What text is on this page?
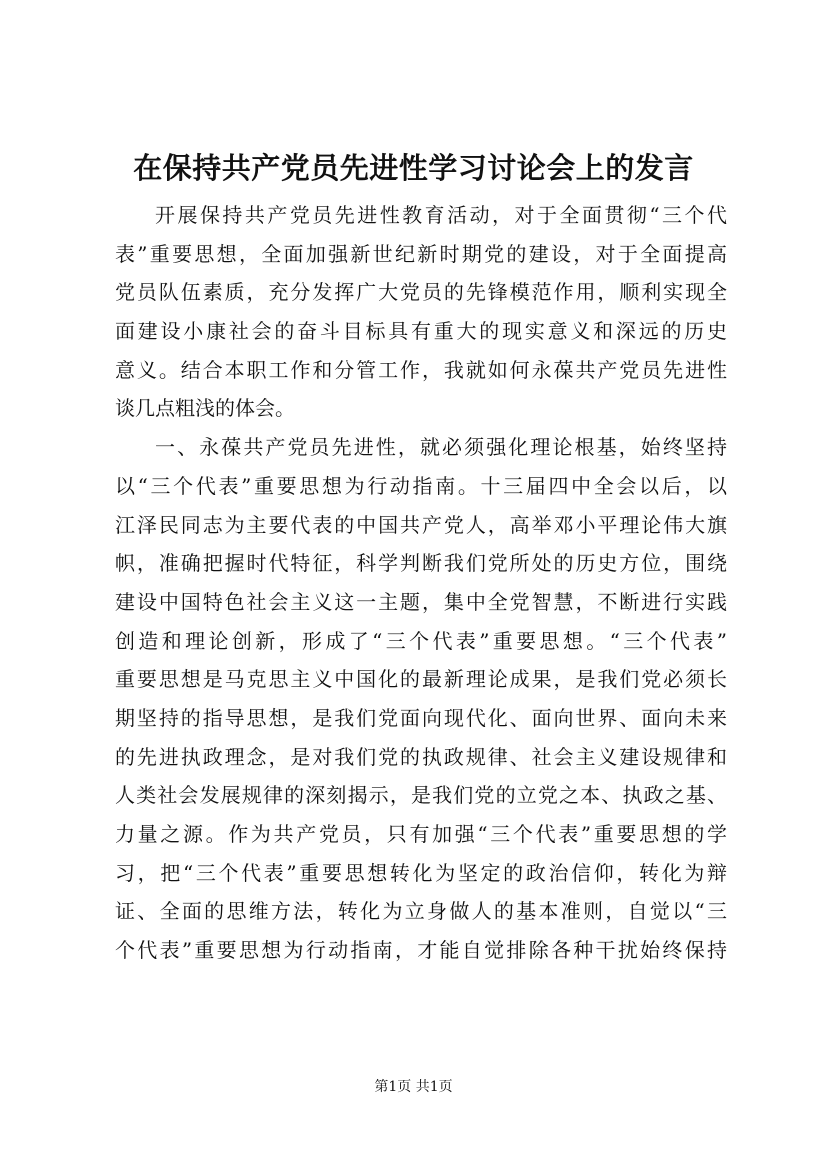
在保持共产党员先进性学习讨论会上的发言
开展保持共产党员先进性教育活动，对于全面贯彻“三个代
表”重要思想，全面加强新世纪新时期党的建设，对于全面提高
党员队伍素质，充分发挥广大党员的先锋模范作用，顺利实现全
面建设小康社会的奋斗目标具有重大的现实意义和深远的历史
意义。结合本职工作和分管工作，我就如何永葆共产党员先进性
谈几点粗浅的体会。
一、永葆共产党员先进性，就必须强化理论根基，始终坚持
以“三个代表”重要思想为行动指南。十三届四中全会以后，以
江泽民同志为主要代表的中国共产党人，高举邓小平理论伟大旗
帜，准确把握时代特征，科学判断我们党所处的历史方位，围绕
建设中国特色社会主义这一主题，集中全党智慧，不断进行实践
创造和理论创新，形成了“三个代表”重要思想。“三个代表”
重要思想是马克思主义中国化的最新理论成果，是我们党必须长
期坚持的指导思想，是我们党面向现代化、面向世界、面向未来
的先进执政理念，是对我们党的执政规律、社会主义建设规律和
人类社会发展规律的深刻揭示，是我们党的立党之本、执政之基、
力量之源。作为共产党员，只有加强“三个代表”重要思想的学
习，把“三个代表”重要思想转化为坚定的政治信仰，转化为辩
证、全面的思维方法，转化为立身做人的基本准则，自觉以“三
个代表”重要思想为行动指南，才能自觉排除各种干扰始终保持
第1页 共1页
